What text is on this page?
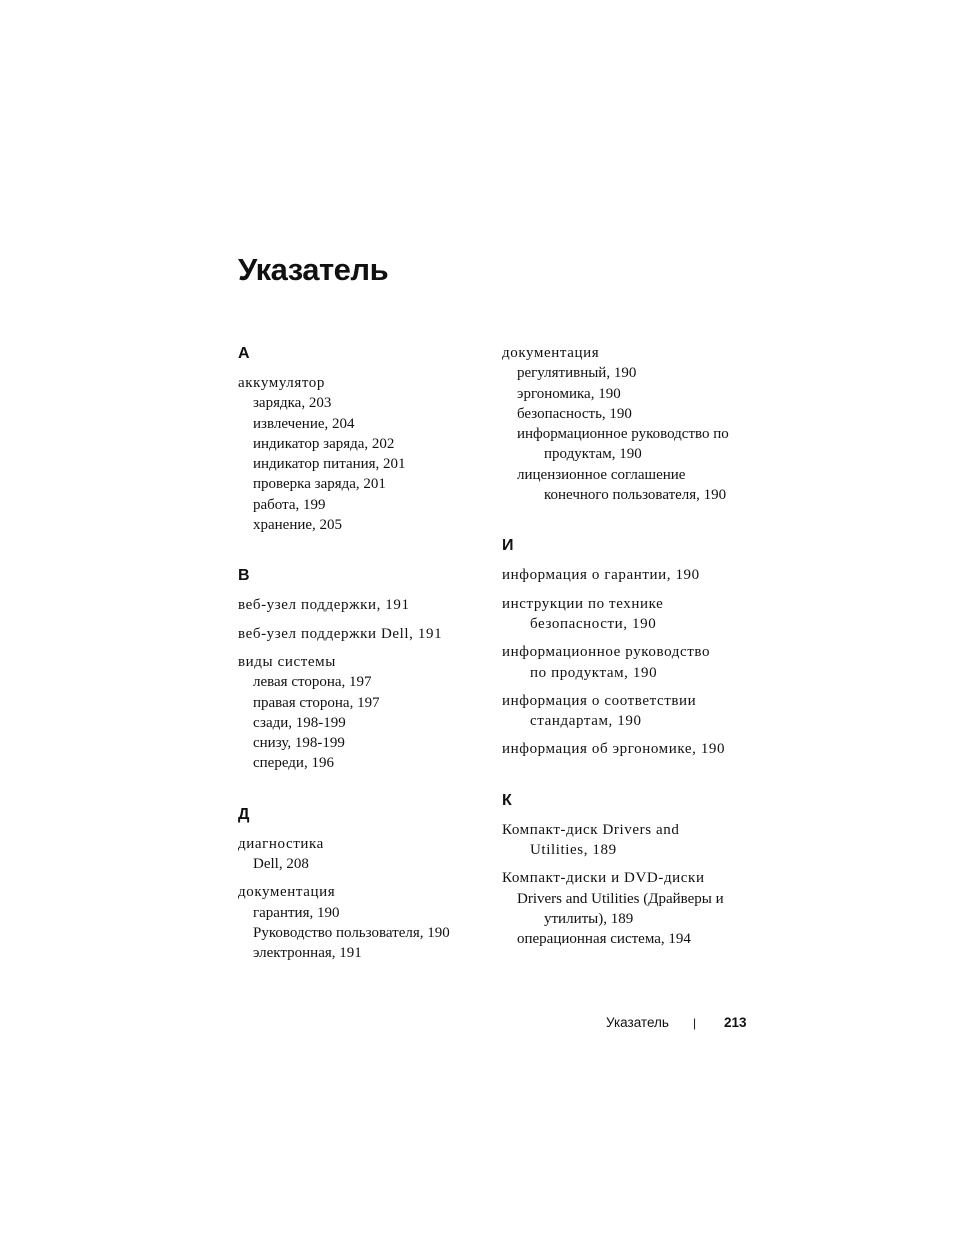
Указатель
A
аккумулятор
зарядка, 203
извлечение, 204
индикатор заряда, 202
индикатор питания, 201
проверка заряда, 201
работа, 199
хранение, 205
В
веб-узел поддержки, 191
веб-узел поддержки Dell, 191
виды системы
левая сторона, 197
правая сторона, 197
сзади, 198-199
снизу, 198-199
спереди, 196
Д
диагностика
Dell, 208
документация
гарантия, 190
Руководство пользователя, 190
электронная, 191
документация
регулятивный, 190
эргономика, 190
безопасность, 190
информационное руководство по
продуктам, 190
лицензионное соглашение
конечного пользователя, 190
И
информация о гарантии, 190
инструкции по технике
безопасности, 190
информационное руководство
по продуктам, 190
информация о соответствии
стандартам, 190
информация об эргономике, 190
К
Компакт-диск Drivers and
Utilities, 189
Компакт-диски и DVD-диски
Drivers and Utilities (Драйверы и
утилиты), 189
операционная система, 194
Указатель | 213
